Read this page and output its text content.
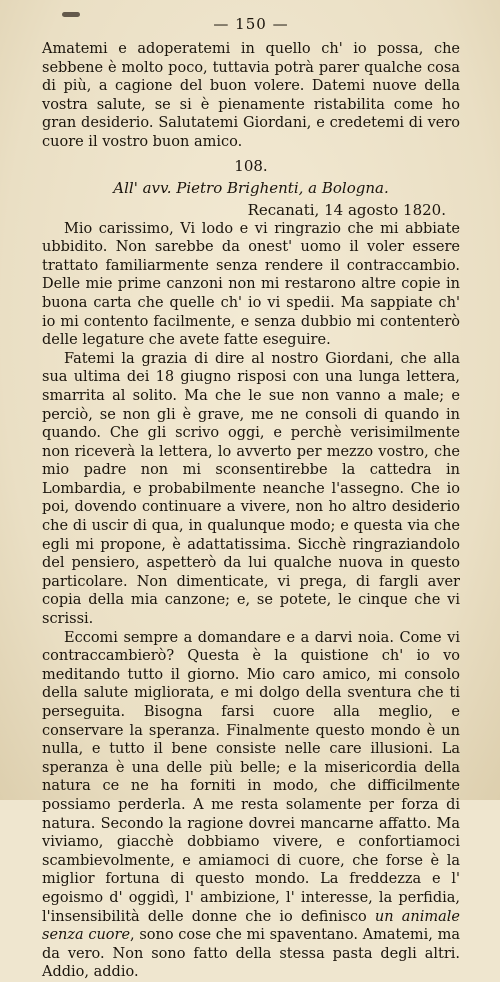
— 150 —

Amatemi e adoperatemi in quello ch' io possa, che sebbene è molto poco, tuttavia potrà parer qualche cosa di più, a cagione del buon volere. Datemi nuove della vostra salute, se si è pienamente ristabilita come ho gran desiderio. Salutatemi Giordani, e credetemi di vero cuore il vostro buon amico.

108.
All' avv. Pietro Brighenti, a Bologna.
Recanati, 14 agosto 1820.

Mio carissimo, Vi lodo e vi ringrazio che mi abbiate ubbidito. Non sarebbe da onest' uomo il voler essere trattato familiarmente senza rendere il contraccambio. Delle mie prime canzoni non mi restarono altre copie in buona carta che quelle ch' io vi spedii. Ma sappiate ch' io mi contento facilmente, e senza dubbio mi contenterò delle legature che avete fatte eseguire.

Fatemi la grazia di dire al nostro Giordani, che alla sua ultima dei 18 giugno risposi con una lunga lettera, smarrita al solito. Ma che le sue non vanno a male; e perciò, se non gli è grave, me ne consoli di quando in quando. Che gli scrivo oggi, e perchè verisimilmente non riceverà la lettera, lo avverto per mezzo vostro, che mio padre non mi sconsentirebbe la cattedra in Lombardia, e probabilmente neanche l'assegno. Che io poi, dovendo continuare a vivere, non ho altro desiderio che di uscir di qua, in qualunque modo; e questa via che egli mi propone, è adattatissima. Sicchè ringraziandolo del pensiero, aspetterò da lui qualche nuova in questo particolare. Non dimenticate, vi prega, di fargli aver copia della mia canzone; e, se potete, le cinque che vi scrissi.

Eccomi sempre a domandare e a darvi noia. Come vi contraccambierò? Questa è la quistione ch' io vo meditando tutto il giorno. Mio caro amico, mi consolo della salute migliorata, e mi dolgo della sventura che ti perseguita. Bisogna farsi cuore alla meglio, e conservare la speranza. Finalmente questo mondo è un nulla, e tutto il bene consiste nelle care illusioni. La speranza è una delle più belle; e la misericordia della natura ce ne ha forniti in modo, che difficilmente possiamo perderla. A me resta solamente per forza di natura. Secondo la ragione dovrei mancarne affatto. Ma viviamo, giacchè dobbiamo vivere, e confortiamoci scambievolmente, e amiamoci di cuore, che forse è la miglior fortuna di questo mondo. La freddezza e l' egoismo d' oggidì, l' ambizione, l' interesse, la perfidia, l'insensibilità delle donne che io definisco un animale senza cuore, sono cose che mi spaventano. Amatemi, ma da vero. Non sono fatto della stessa pasta degli altri. Addio, addio.
